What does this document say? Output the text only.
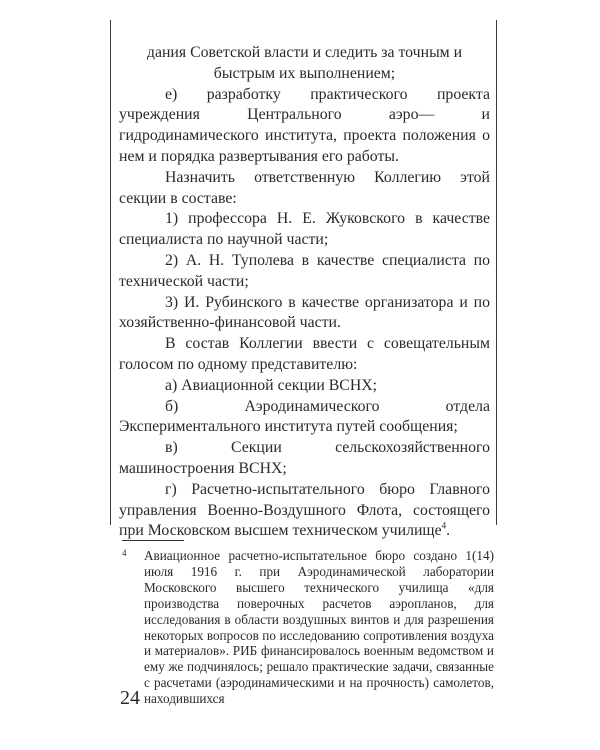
дания Советской власти и следить за точным и быстрым их выполнением;

е) разработку практического проекта учреждения Центрального аэро— и гидродинамического института, проекта положения о нем и порядка развертывания его работы.

Назначить ответственную Коллегию этой секции в составе:

1) профессора Н. Е. Жуковского в качестве специалиста по научной части;

2) А. Н. Туполева в качестве специалиста по технической части;

3) И. Рубинского в качестве организатора и по хозяйственно-финансовой части.

В состав Коллегии ввести с совещательным голосом по одному представителю:

а) Авиационной секции ВСНХ;

б) Аэродинамического отдела Экспериментального института путей сообщения;

в) Секции сельскохозяйственного машиностроения ВСНХ;

г) Расчетно-испытательного бюро Главного управления Военно-Воздушного Флота, состоящего при Московском высшем техническом училище$^4$.

4	Авиационное расчетно-испытательное бюро создано 1(14) июля 1916 г. при Аэродинамической лаборатории Московского высшего технического училища «для производства поверочных расчетов аэропланов, для исследования в области воздушных винтов и для разрешения некоторых вопросов по исследованию сопротивления воздуха и материалов». РИБ финансировалось военным ведомством и ему же подчинялось; решало практические задачи, связанные с расчетами (аэродинамическими и на прочность) самолетов, находившихся

24
